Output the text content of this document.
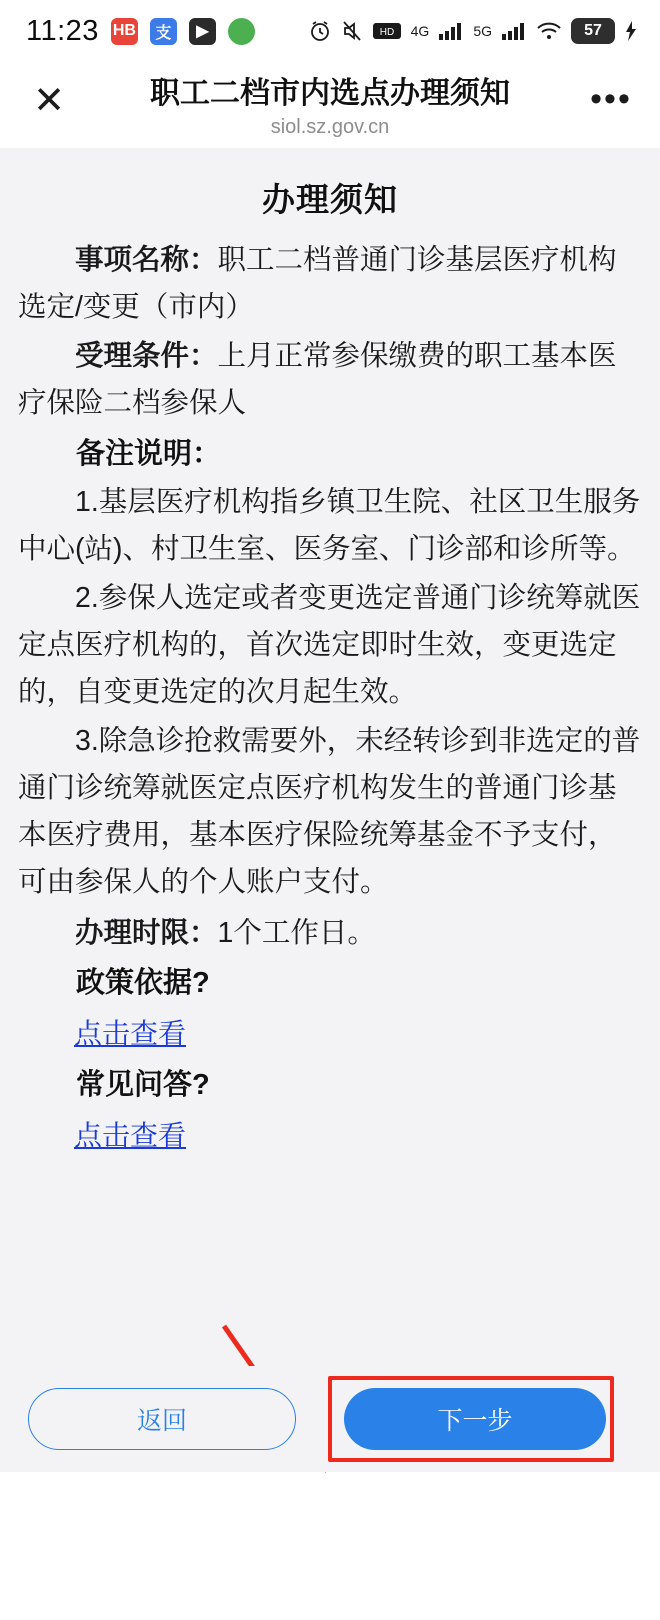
11:23 HB	支	▶	HD 4G	5G	57
✕	职工二档市内选点办理须知
siol.sz.gov.cn
•••
办理须知

事项名称：职工二档普通门诊基层医疗机构选定/变更（市内）

受理条件：上月正常参保缴费的职工基本医疗保险二档参保人

备注说明：

1.基层医疗机构指乡镇卫生院、社区卫生服务中心(站)、村卫生室、医务室、门诊部和诊所等。

2.参保人选定或者变更选定普通门诊统筹就医定点医疗机构的，首次选定即时生效，变更选定的，自变更选定的次月起生效。

3.除急诊抢救需要外，未经转诊到非选定的普通门诊统筹就医定点医疗机构发生的普通门诊基本医疗费用，基本医疗保险统筹基金不予支付，可由参保人的个人账户支付。

办理时限：1个工作日。

政策依据?

点击查看

常见问答?

点击查看
返回	下一步
